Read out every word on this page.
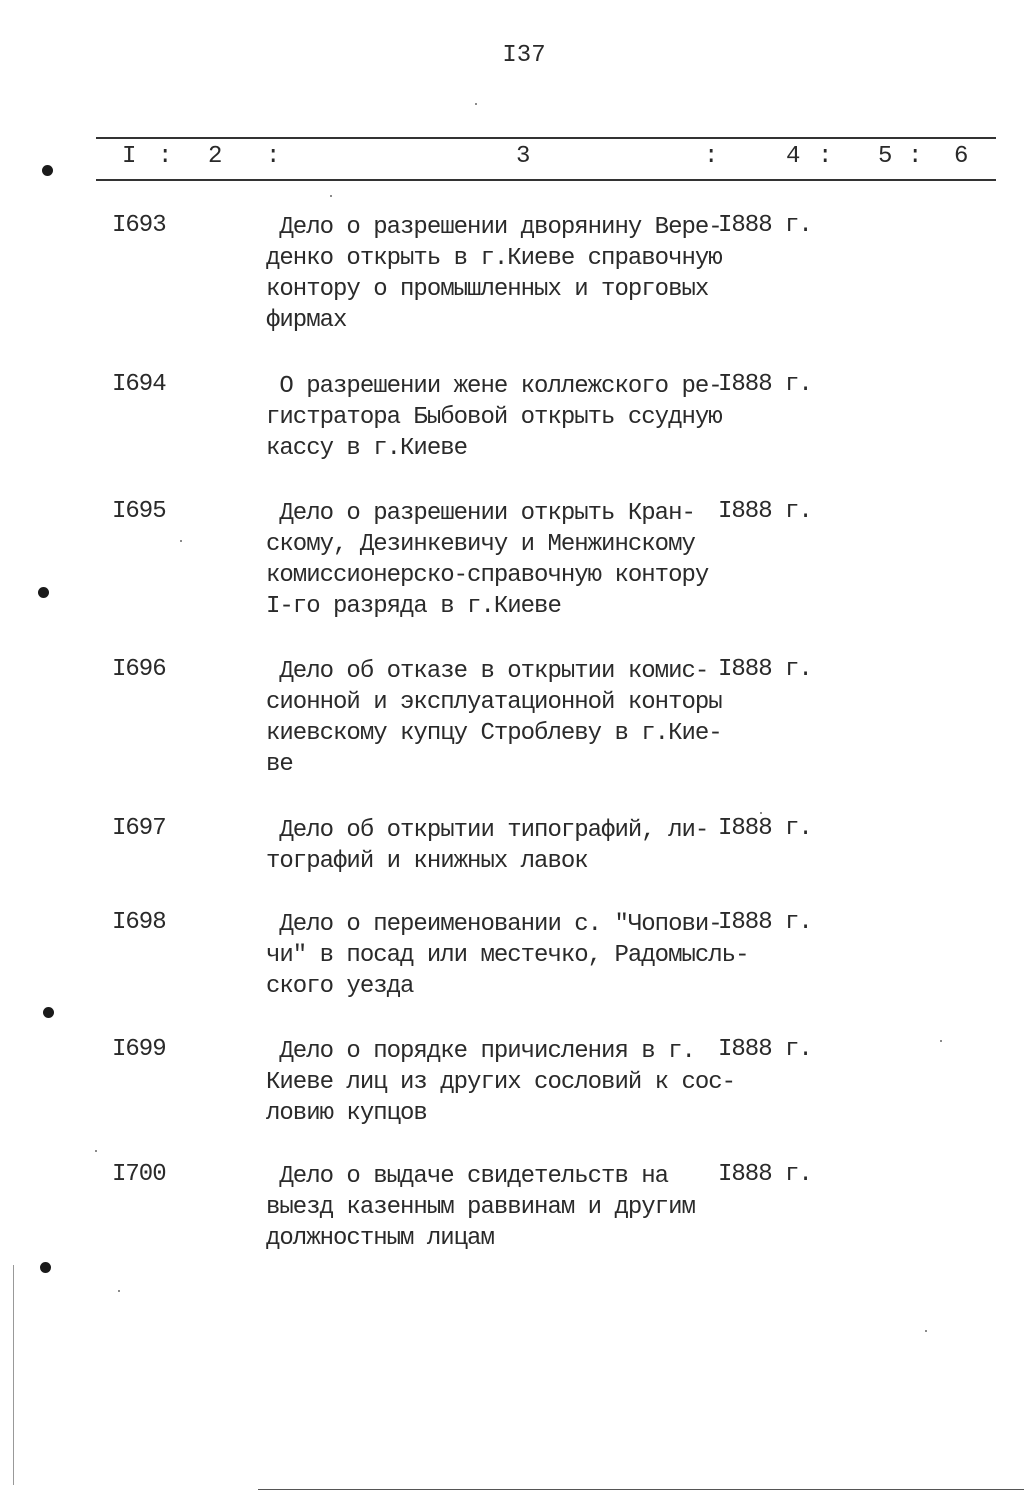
I37
I : 2 :	3	:	4 : 5 : 6
I693	Дело о разрешении дворянину Вере-
денко открыть в г.Киеве справочную
контору о промышленных и торговых
фирмах
I888 г.
I694	О разрешении жене коллежского ре-
гистратора Быбовой открыть ссудную
кассу в г.Киеве
I888 г.
I695	Дело о разрешении открыть Кран-
скому, Дезинкевичу и Менжинскому
комиссионерско-справочную контору
I-го разряда в г.Киеве
I888 г.
I696	Дело об отказе в открытии комис-
сионной и эксплуатационной конторы
киевскому купцу Строблеву в г.Кие-
ве
I888 г.
I697	Дело об открытии типографий, ли-
тографий и книжных лавок
I888 г.
I698	Дело о переименовании с. "Чопови-
чи" в посад или местечко, Радомысль-
ского уезда
I888 г.
I699	Дело о порядке причисления в г.
Киеве лиц из других сословий к сос-
ловию купцов
I888 г.
I700	Дело о выдаче свидетельств на
выезд казенным раввинам и другим
должностным лицам
I888 г.
